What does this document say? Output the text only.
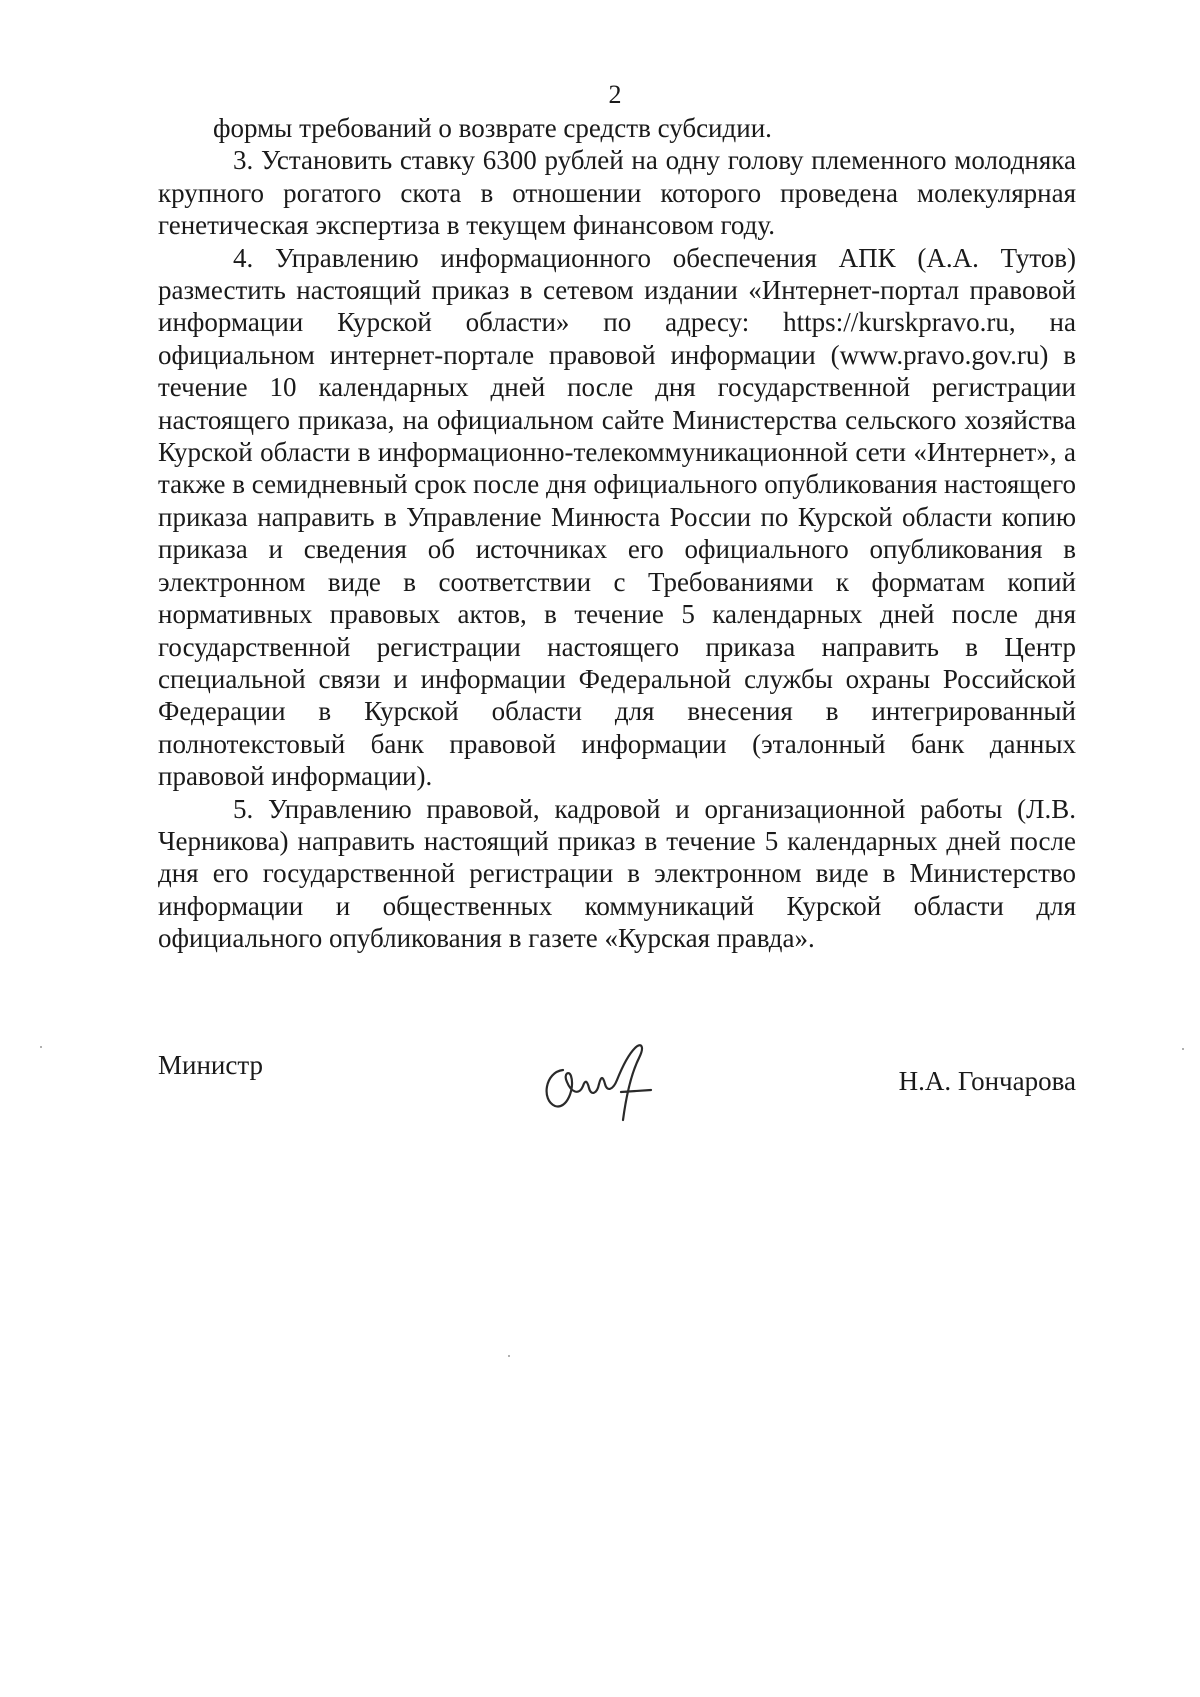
2

формы требований о возврате средств субсидии.

3. Установить ставку 6300 рублей на одну голову племенного молодняка крупного рогатого скота в отношении которого проведена молекулярная генетическая экспертиза в текущем финансовом году.

4. Управлению информационного обеспечения АПК (А.А. Тутов) разместить настоящий приказ в сетевом издании «Интернет-портал правовой информации Курской области» по адресу: https://kurskpravo.ru, на официальном интернет-портале правовой информации (www.pravo.gov.ru) в течение 10 календарных дней после дня государственной регистрации настоящего приказа, на официальном сайте Министерства сельского хозяйства Курской области в информационно-телекоммуникационной сети «Интернет», а также в семидневный срок после дня официального опубликования настоящего приказа направить в Управление Минюста России по Курской области копию приказа и сведения об источниках его официального опубликования в электронном виде в соответствии с Требованиями к форматам копий нормативных правовых актов, в течение 5 календарных дней после дня государственной регистрации настоящего приказа направить в Центр специальной связи и информации Федеральной службы охраны Российской Федерации в Курской области для внесения в интегрированный полнотекстовый банк правовой информации (эталонный банк данных правовой информации).

5. Управлению правовой, кадровой и организационной работы (Л.В. Черникова) направить настоящий приказ в течение 5 календарных дней после дня его государственной регистрации в электронном виде в Министерство информации и общественных коммуникаций Курской области для официального опубликования в газете «Курская правда».

Министр
Н.А. Гончарова
